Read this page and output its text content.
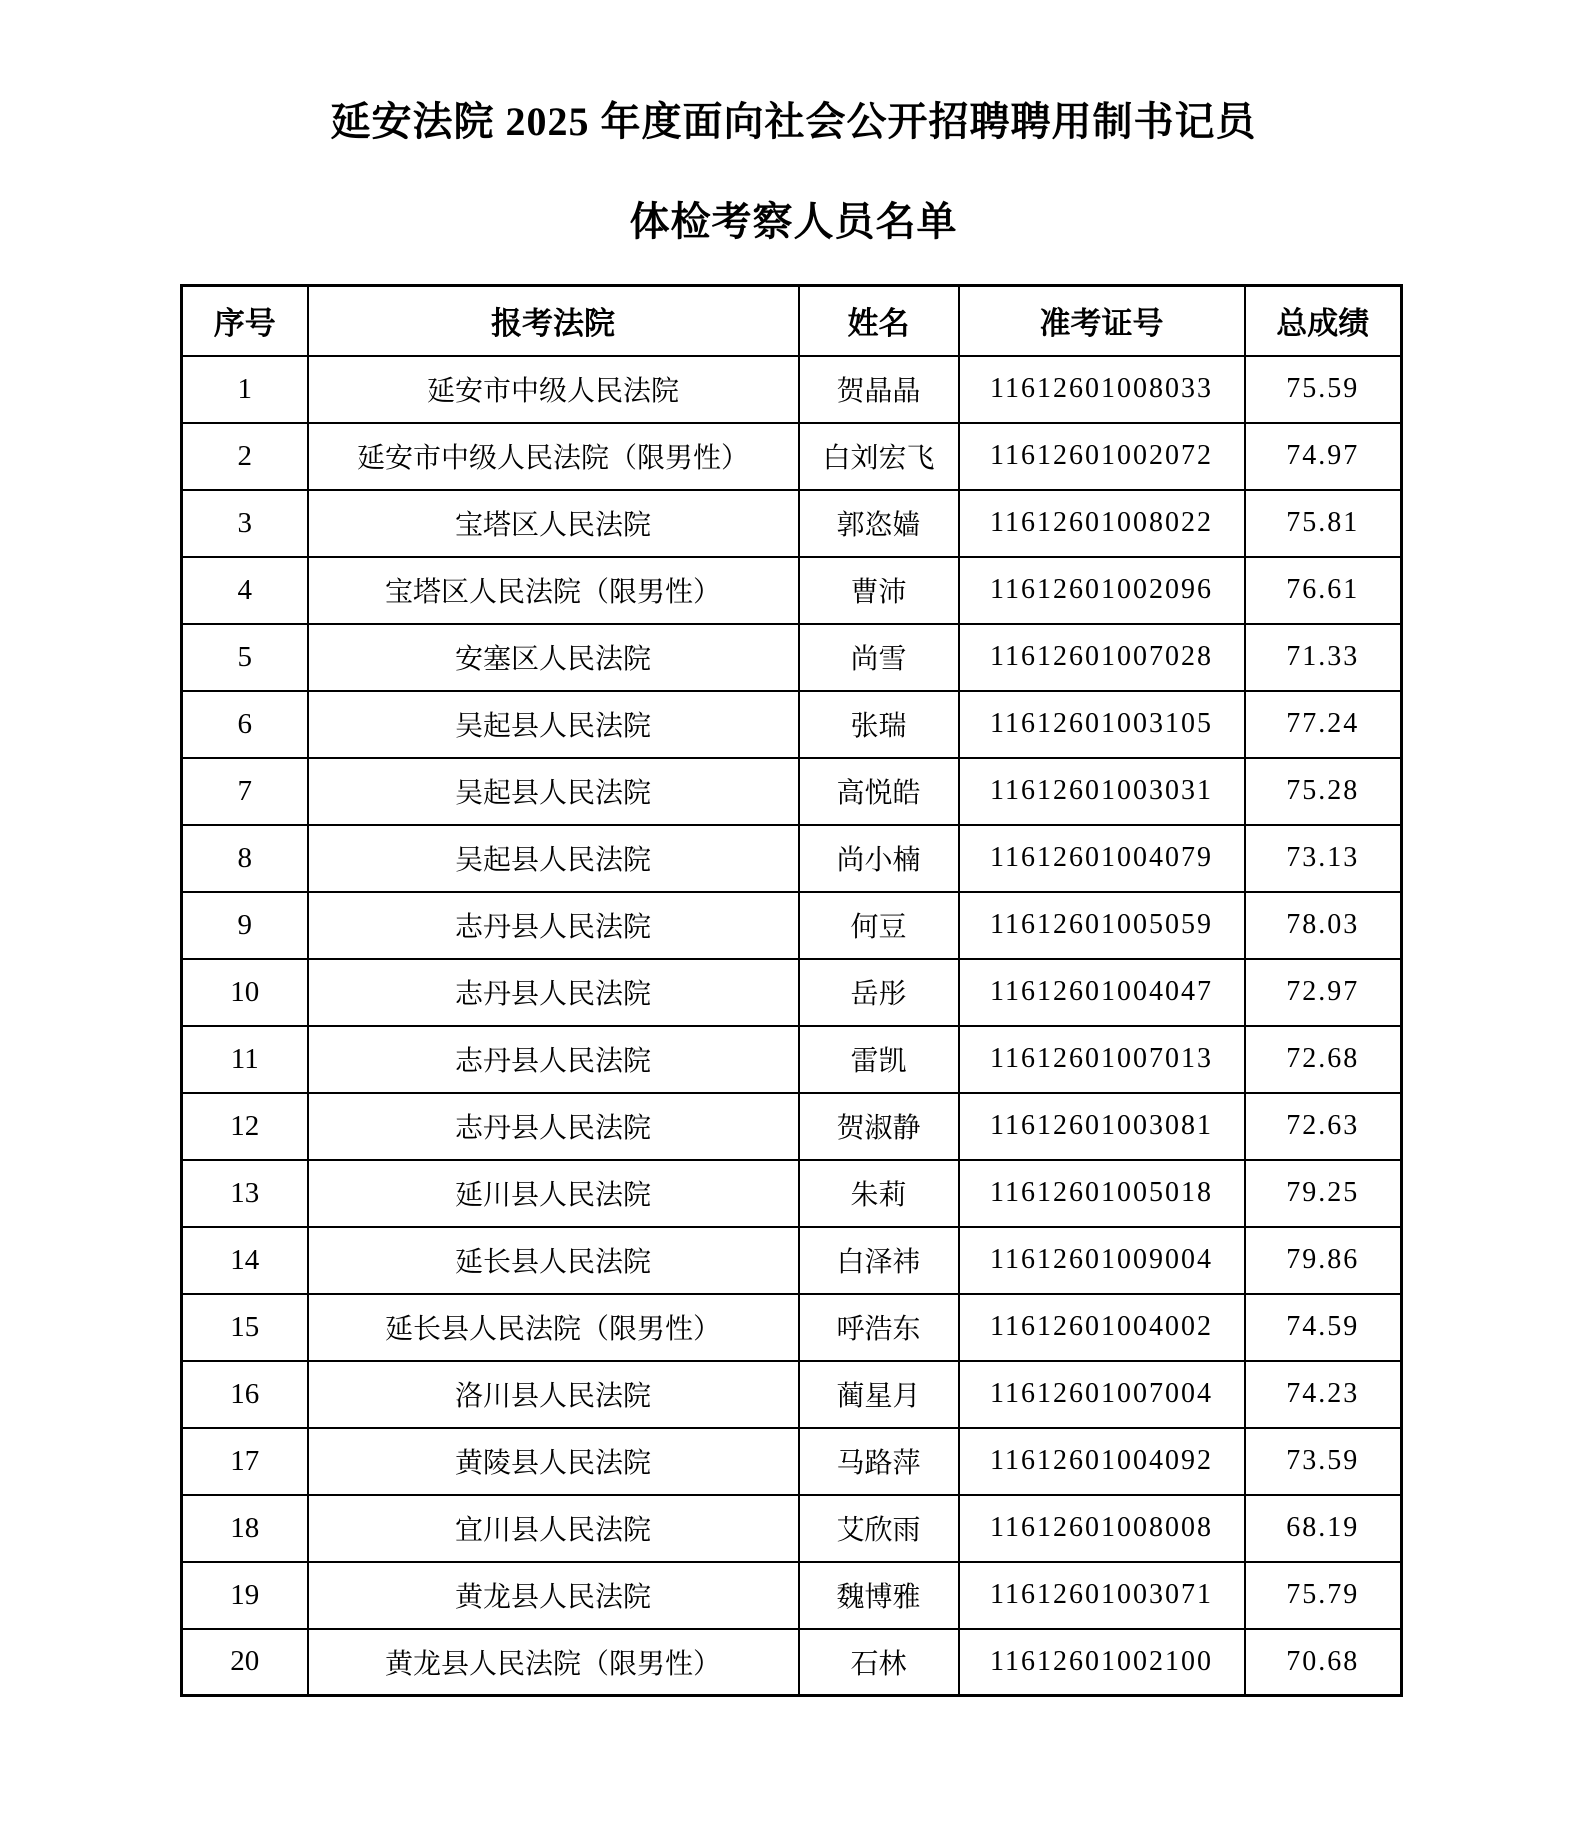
延安法院 2025 年度面向社会公开招聘聘用制书记员
体检考察人员名单
序号	报考法院	姓名	准考证号	总成绩
1	延安市中级人民法院	贺晶晶	11612601008033	75.59
2	延安市中级人民法院（限男性）	白刘宏飞	11612601002072	74.97
3	宝塔区人民法院	郭恣嫱	11612601008022	75.81
4	宝塔区人民法院（限男性）	曹沛	11612601002096	76.61
5	安塞区人民法院	尚雪	11612601007028	71.33
6	吴起县人民法院	张瑞	11612601003105	77.24
7	吴起县人民法院	高悦皓	11612601003031	75.28
8	吴起县人民法院	尚小楠	11612601004079	73.13
9	志丹县人民法院	何豆	11612601005059	78.03
10	志丹县人民法院	岳彤	11612601004047	72.97
11	志丹县人民法院	雷凯	11612601007013	72.68
12	志丹县人民法院	贺淑静	11612601003081	72.63
13	延川县人民法院	朱莉	11612601005018	79.25
14	延长县人民法院	白泽祎	11612601009004	79.86
15	延长县人民法院（限男性）	呼浩东	11612601004002	74.59
16	洛川县人民法院	蔺星月	11612601007004	74.23
17	黄陵县人民法院	马路萍	11612601004092	73.59
18	宜川县人民法院	艾欣雨	11612601008008	68.19
19	黄龙县人民法院	魏博雅	11612601003071	75.79
20	黄龙县人民法院（限男性）	石林	11612601002100	70.68
